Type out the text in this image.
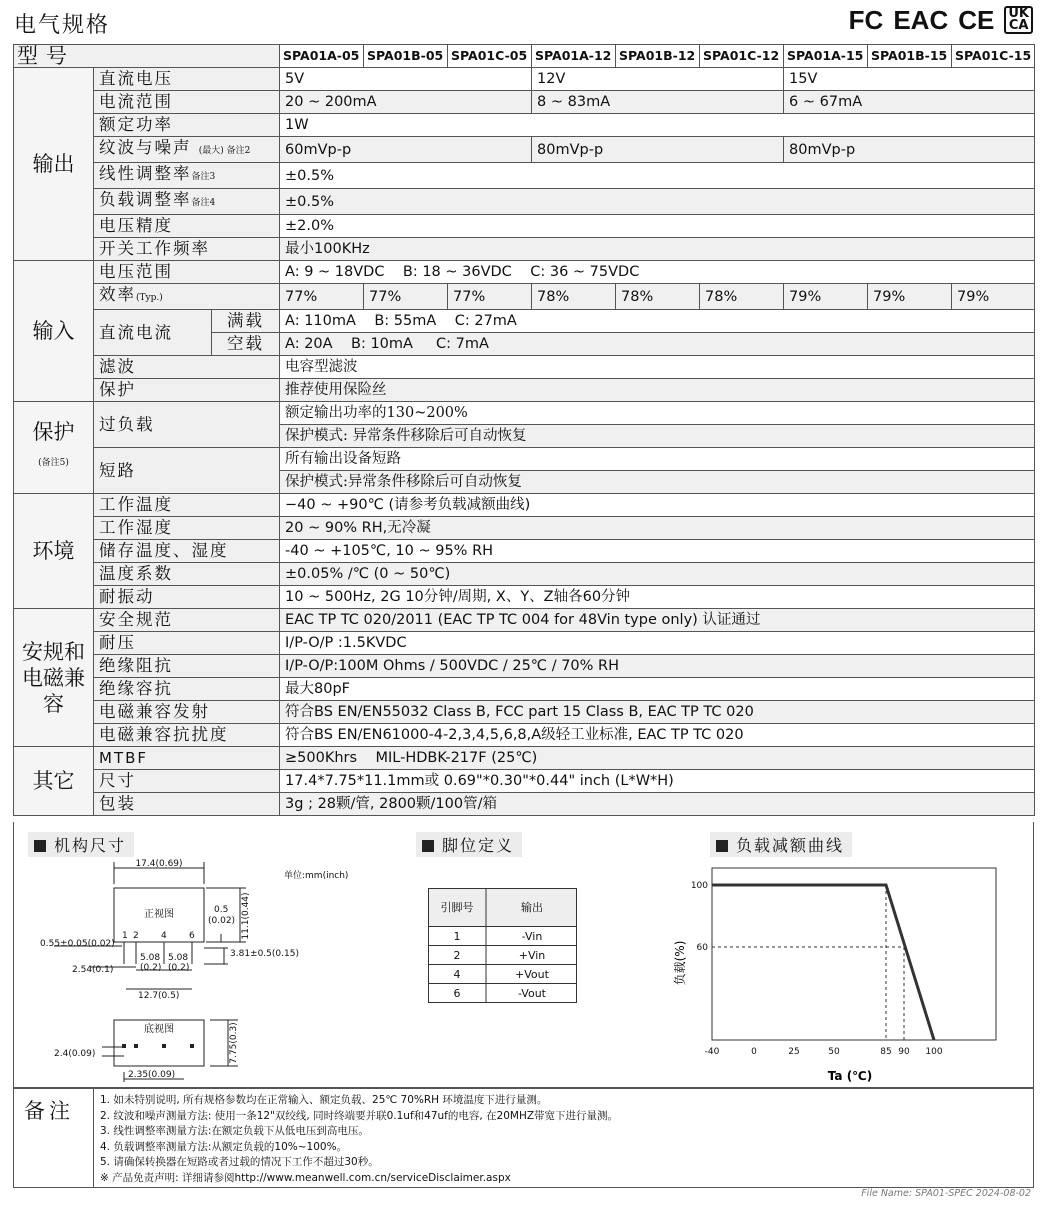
电气规格	FC EAC CE UK
CA
型号			SPA01A-05	SPA01B-05	SPA01C-05	SPA01A-12	SPA01B-12	SPA01C-12	SPA01A-15	SPA01B-15	SPA01C-15
输出	直流电压		5V			12V			15V		
	电流范围		20 ~ 200mA			8 ~ 83mA			6 ~ 67mA		
	额定功率		1W								
	纹波与噪声 (最大) 备注2		60mVp-p			80mVp-p			80mVp-p		
	线性调整率备注3		±0.5%								
	负载调整率备注4		±0.5%								
	电压精度		±2.0%								
	开关工作频率		最小100KHz								
输入	电压范围		A: 9 ~ 18VDC    B: 18 ~ 36VDC    C: 36 ~ 75VDC								
	效率(Typ.)		77%	77%	77%	78%	78%	78%	79%	79%	79%
	直流电流	满载	A: 110mA    B: 55mA    C: 27mA								
		空载	A: 20A    B: 10mA     C: 7mA								
	滤波		电容型滤波								
	保护		推荐使用保险丝								

保护
(备注5)	过负载		额定输出功率的130~200%								
			保护模式: 异常条件移除后可自动恢复								
	短路		所有输出设备短路								
			保护模式:异常条件移除后可自动恢复								
环境	工作温度		−40 ~ +90℃ (请参考负载减额曲线)								
	工作湿度		20 ~ 90% RH,无冷凝								
	储存温度、湿度		-40 ~ +105℃, 10 ~ 95% RH								
	温度系数		±0.05% /℃ (0 ~ 50℃)								
	耐振动		10 ~ 500Hz, 2G 10分钟/周期, X、Y、Z轴各60分钟								
安规和电磁兼容	安全规范		EAC TP TC 020/2011 (EAC TP TC 004 for 48Vin type only) 认证通过								
	耐压		I/P-O/P :1.5KVDC								
	绝缘阻抗		I/P-O/P:100M Ohms / 500VDC / 25℃ / 70% RH								
	绝缘容抗		最大80pF								
	电磁兼容发射		符合BS EN/EN55032 Class B, FCC part 15 Class B, EAC TP TC 020								
	电磁兼容抗扰度		符合BS EN/EN61000-4-2,3,4,5,6,8,A级轻工业标准, EAC TP TC 020								
其它	MTBF		≥500Khrs    MIL-HDBK-217F (25℃)								
	尺寸		17.4*7.75*11.1mm或 0.69"*0.30"*0.44" inch (L*W*H)								
	包装		3g ; 28颗/管, 2800颗/100管/箱								
机构尺寸	脚位定义	负载减额曲线
17.4(0.69)
正视图	0.5
(0.02) 11.1(0.44)
1 2 4 6
0.55±0.05(0.02)
2.54(0.1)
5.08 5.08
(0.2) (0.2)
3.81±0.5(0.15)
12.7(0.5)
底视图	7.75(0.3)
2.4(0.09)
2.35(0.09)
单位:mm(inch)
引脚号	输出
1	-Vin
2	+Vin
4	+Vout
6	-Vout
-40	0	25	50	85 90 100
100
60
Ta (℃)
负载(%)
备注	1. 如未特别说明, 所有规格参数均在正常输入、额定负载、25℃ 70%RH 环境温度下进行量测。
2. 纹波和噪声测量方法: 使用一条12"双绞线, 同时终端要并联0.1uf和47uf的电容, 在20MHZ带宽下进行量测。
3. 线性调整率测量方法:在额定负载下从低电压到高电压。
4. 负载调整率测量方法:从额定负载的10%~100%。
5. 请确保转换器在短路或者过载的情况下工作不超过30秒。
※ 产品免责声明: 详细请参阅http://www.meanwell.com.cn/serviceDisclaimer.aspx
File Name: SPA01-SPEC 2024-08-02
